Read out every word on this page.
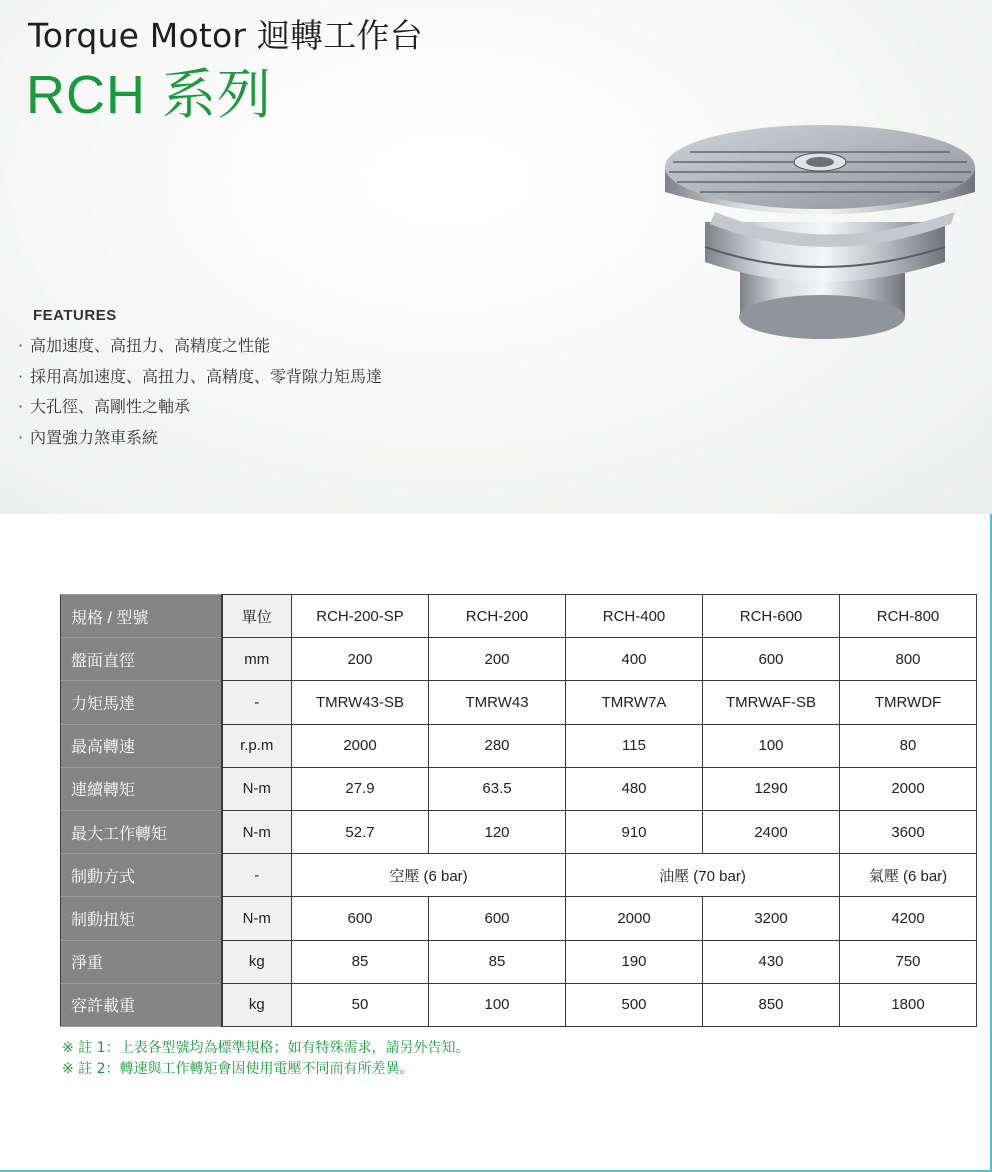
Torque Motor 迴轉工作台
RCH 系列
FEATURES
· 高加速度、高扭力、高精度之性能
· 採用高加速度、高扭力、高精度、零背隙力矩馬達
· 大孔徑、高剛性之軸承
· 內置強力煞車系統
規格 / 型號	單位	RCH-200-SP	RCH-200	RCH-400	RCH-600	RCH-800
盤面直徑	mm	200	200	400	600	800
力矩馬達	-	TMRW43-SB	TMRW43	TMRW7A	TMRWAF-SB	TMRWDF
最高轉速	r.p.m	2000	280	115	100	80
連續轉矩	N-m	27.9	63.5	480	1290	2000
最大工作轉矩	N-m	52.7	120	910	2400	3600
制動方式	-	空壓 (6 bar)		油壓 (70 bar)		氣壓 (6 bar)
制動扭矩	N-m	600	600	2000	3200	4200
淨重	kg	85	85	190	430	750
容許載重	kg	50	100	500	850	1800
※ 註 1：上表各型號均為標準規格；如有特殊需求，請另外告知。
※ 註 2：轉速與工作轉矩會因使用電壓不同而有所差異。
